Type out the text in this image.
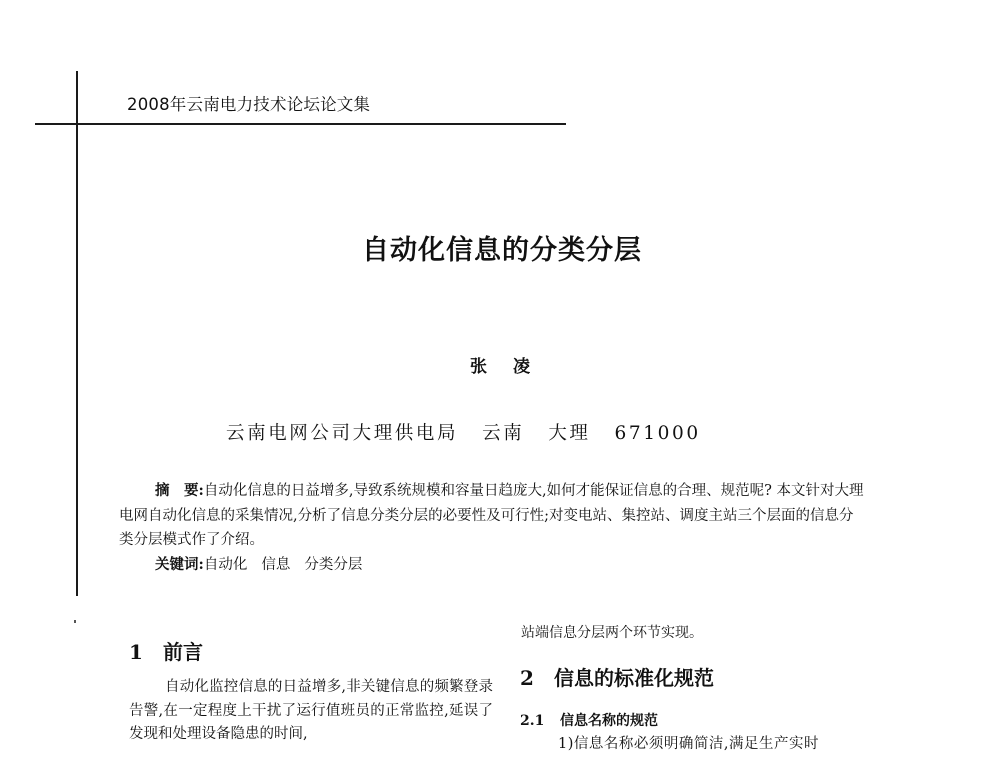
2008年云南电力技术论坛论文集
自动化信息的分类分层
张 凌
云南电网公司大理供电局 云南 大理 671000

摘　要:自动化信息的日益增多,导致系统规模和容量日趋庞大,如何才能保证信息的合理、规范呢? 本文针对大理电网自动化信息的采集情况,分析了信息分类分层的必要性及可行性;对变电站、集控站、调度主站三个层面的信息分类分层模式作了介绍。

关键词:自动化 信息 分类分层
1 前言

自动化监控信息的日益增多,非关键信息的频繁登录告警,在一定程度上干扰了运行值班员的正常监控,延误了发现和处理设备隐患的时间,

站端信息分层两个环节实现。
2 信息的标准化规范
2.1 信息名称的规范
1)信息名称必须明确简洁,满足生产实时
